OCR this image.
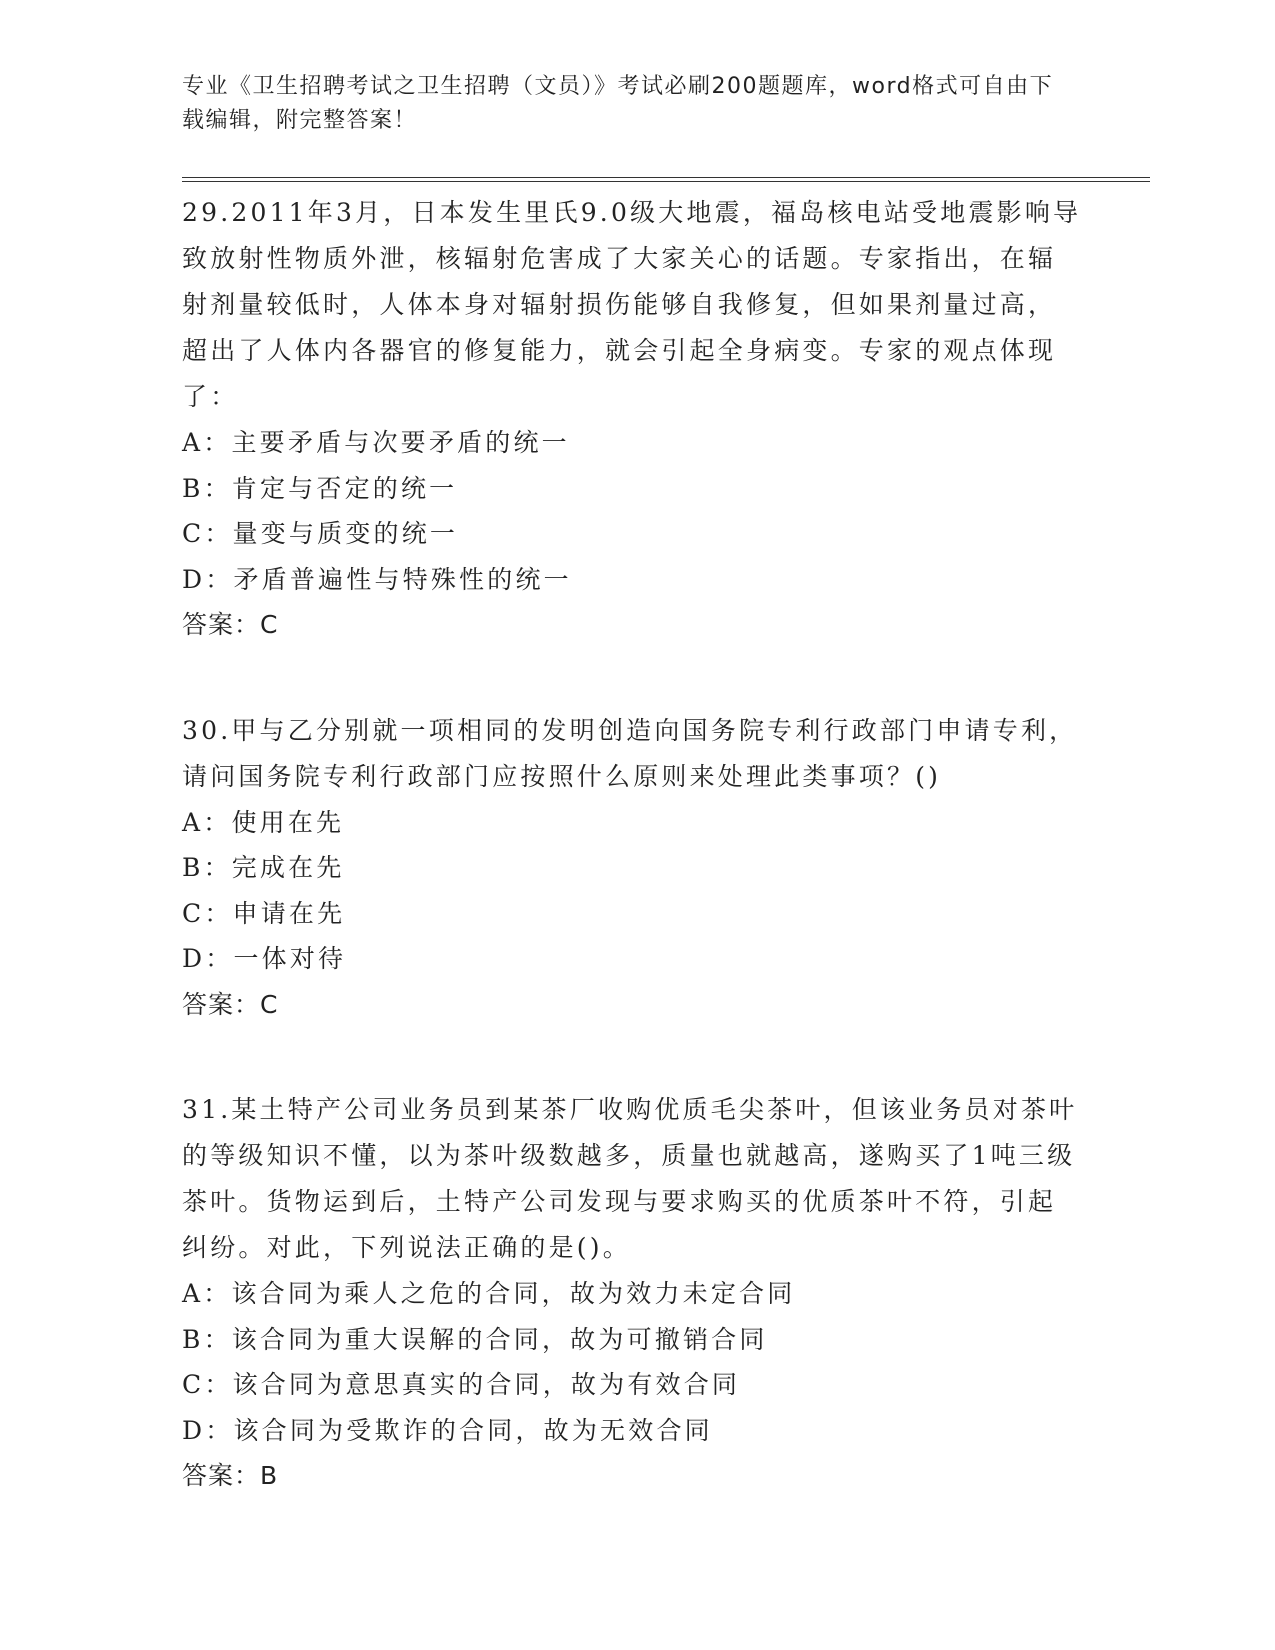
专业《卫生招聘考试之卫生招聘（文员）》考试必刷200题题库，word格式可自由下载编辑，附完整答案！
29.2011年3月，日本发生里氏9.0级大地震，福岛核电站受地震影响导致放射性物质外泄，核辐射危害成了大家关心的话题。专家指出，在辐射剂量较低时，人体本身对辐射损伤能够自我修复，但如果剂量过高，超出了人体内各器官的修复能力，就会引起全身病变。专家的观点体现了：
A：主要矛盾与次要矛盾的统一
B：肯定与否定的统一
C：量变与质变的统一
D：矛盾普遍性与特殊性的统一
答案：C
30.甲与乙分别就一项相同的发明创造向国务院专利行政部门申请专利，请问国务院专利行政部门应按照什么原则来处理此类事项？()
A：使用在先
B：完成在先
C：申请在先
D：一体对待
答案：C
31.某土特产公司业务员到某茶厂收购优质毛尖茶叶，但该业务员对茶叶的等级知识不懂，以为茶叶级数越多，质量也就越高，遂购买了1吨三级茶叶。货物运到后，土特产公司发现与要求购买的优质茶叶不符，引起纠纷。对此，下列说法正确的是()。
A：该合同为乘人之危的合同，故为效力未定合同
B：该合同为重大误解的合同，故为可撤销合同
C：该合同为意思真实的合同，故为有效合同
D：该合同为受欺诈的合同，故为无效合同
答案：B
